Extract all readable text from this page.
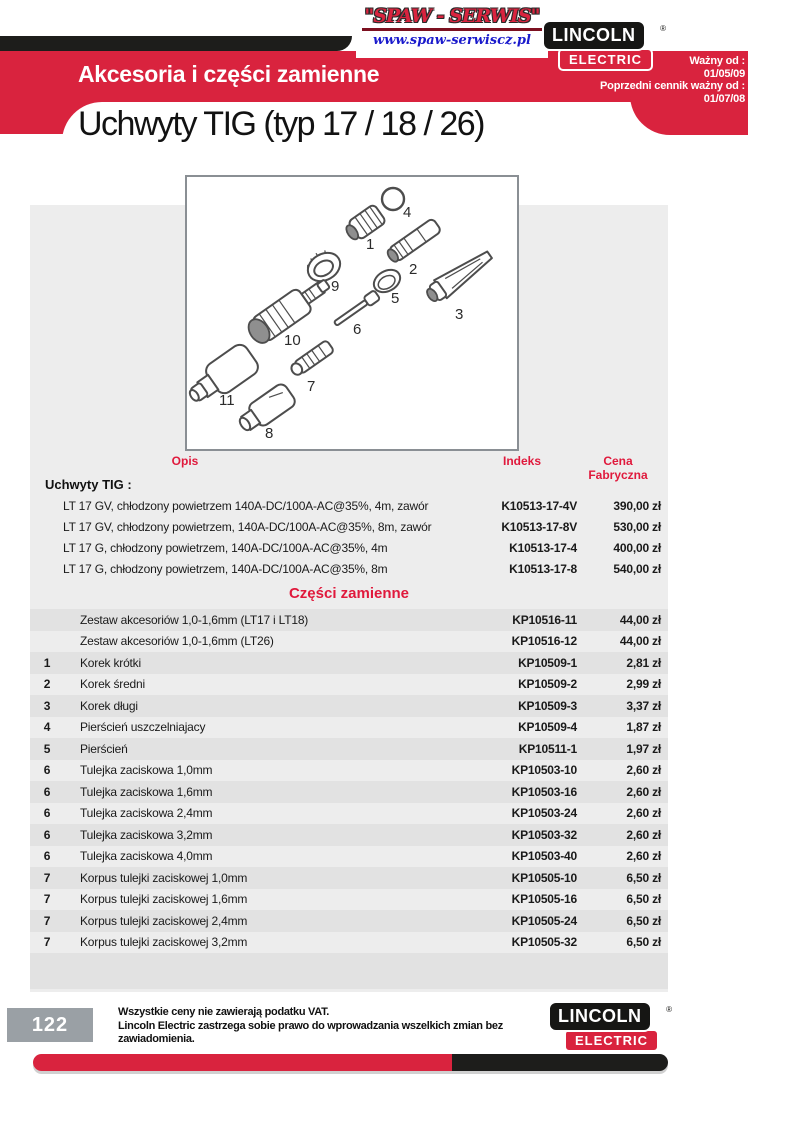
Akcesoria i części zamienne
Uchwyty TIG (typ 17 / 18 / 26)
"SPAW - SERWIS"
www.spaw-serwiscz.pl	LINCOLN	®

ELECTRIC	Ważny od :
01/05/09
Poprzedni cennik ważny od :
01/07/08
1
2
3
4
5
6
7
8
9
10
11
Opis	Indeks	Cena Fabryczna
Uchwyty TIG :
LT 17 GV, chłodzony powietrzem 140A-DC/100A-AC@35%, 4m, zawór	K10513-17-4V	390,00 zł
LT 17 GV, chłodzony powietrzem, 140A-DC/100A-AC@35%, 8m, zawór	K10513-17-8V	530,00 zł
LT 17 G, chłodzony powietrzem, 140A-DC/100A-AC@35%, 4m	K10513-17-4	400,00 zł
LT 17 G, chłodzony powietrzem, 140A-DC/100A-AC@35%, 8m	K10513-17-8	540,00 zł
Części zamienne
Zestaw akcesoriów 1,0-1,6mm (LT17 i LT18)	KP10516-11	44,00 zł
Zestaw akcesoriów 1,0-1,6mm (LT26)	KP10516-12	44,00 zł
1	Korek krótki	KP10509-1	2,81 zł
2	Korek średni	KP10509-2	2,99 zł
3	Korek długi	KP10509-3	3,37 zł
4	Pierścień uszczelniajacy	KP10509-4	1,87 zł
5	Pierścień	KP10511-1	1,97 zł
6	Tulejka zaciskowa 1,0mm	KP10503-10	2,60 zł
6	Tulejka zaciskowa 1,6mm	KP10503-16	2,60 zł
6	Tulejka zaciskowa 2,4mm	KP10503-24	2,60 zł
6	Tulejka zaciskowa 3,2mm	KP10503-32	2,60 zł
6	Tulejka zaciskowa 4,0mm	KP10503-40	2,60 zł
7	Korpus tulejki zaciskowej 1,0mm	KP10505-10	6,50 zł
7	Korpus tulejki zaciskowej 1,6mm	KP10505-16	6,50 zł
7	Korpus tulejki zaciskowej 2,4mm	KP10505-24	6,50 zł
7	Korpus tulejki zaciskowej 3,2mm	KP10505-32	6,50 zł
122
Wszystkie ceny nie zawierają podatku VAT.
Lincoln Electric zastrzega sobie prawo do wprowadzania wszelkich zmian bez zawiadomienia.
LINCOLN	®

ELECTRIC
